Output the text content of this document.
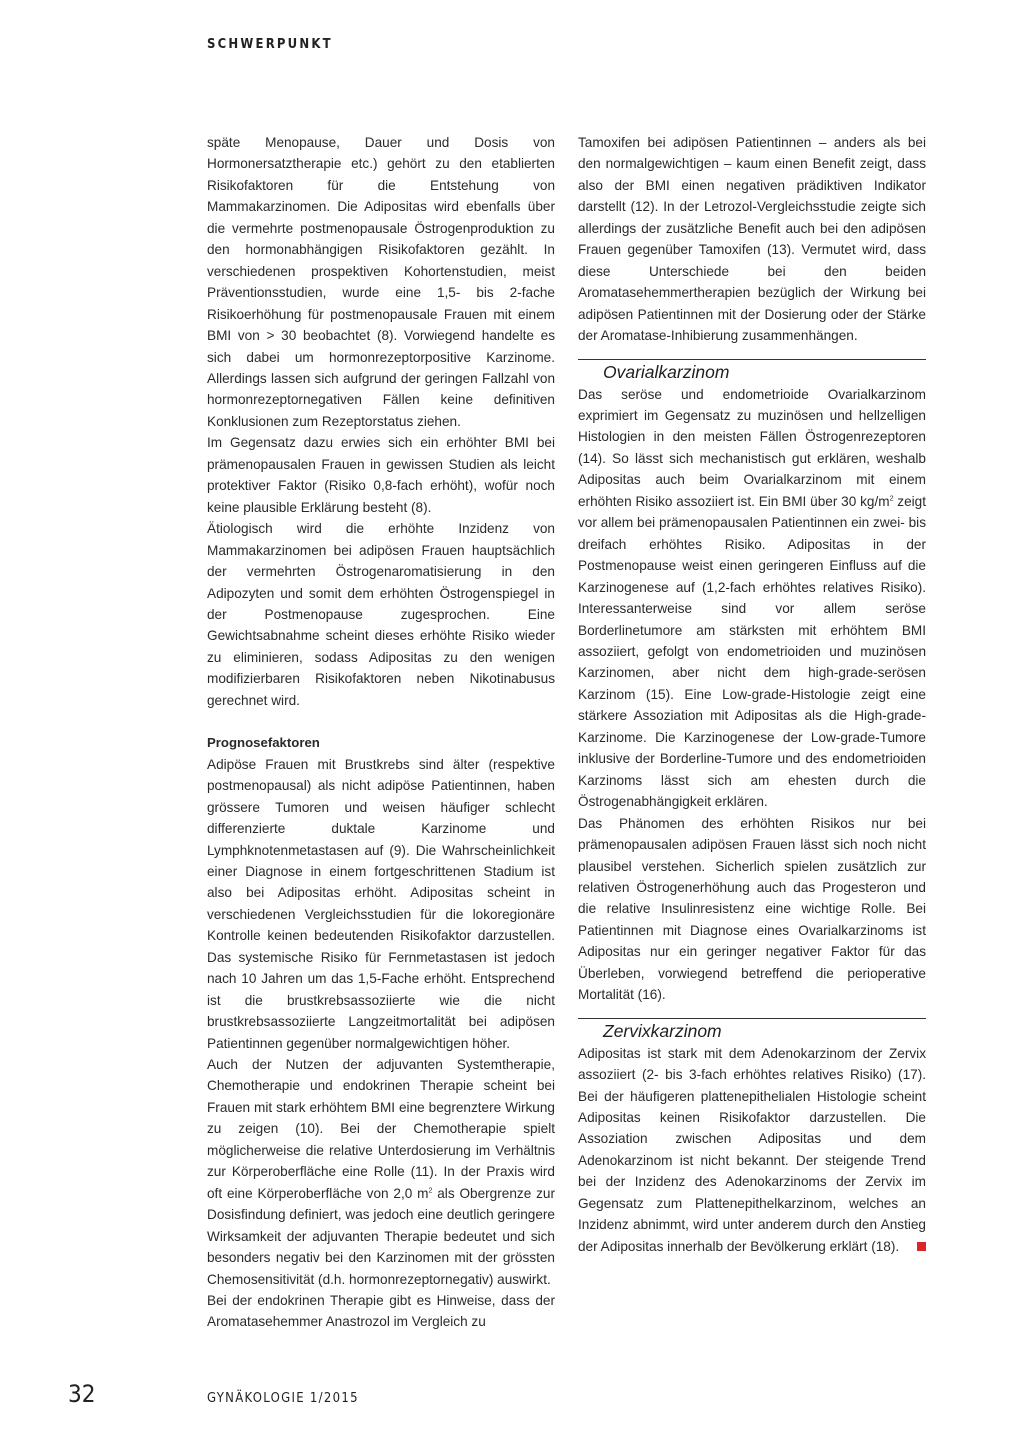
SCHWERPUNKT

späte Menopause, Dauer und Dosis von Hormonersatztherapie etc.) gehört zu den etablierten Risikofaktoren für die Entstehung von Mammakarzinomen. Die Adipositas wird ebenfalls über die vermehrte postmenopausale Östrogenproduktion zu den hormonabhängigen Risikofaktoren gezählt. In verschiedenen prospektiven Kohortenstudien, meist Präventionsstudien, wurde eine 1,5- bis 2-fache Risikoerhöhung für postmenopausale Frauen mit einem BMI von > 30 beobachtet (8). Vorwiegend handelte es sich dabei um hormonrezeptorpositive Karzinome. Allerdings lassen sich aufgrund der geringen Fallzahl von hormonrezeptornegativen Fällen keine definitiven Konklusionen zum Rezeptorstatus ziehen.

Im Gegensatz dazu erwies sich ein erhöhter BMI bei prämenopausalen Frauen in gewissen Studien als leicht protektiver Faktor (Risiko 0,8-fach erhöht), wofür noch keine plausible Erklärung besteht (8).

Ätiologisch wird die erhöhte Inzidenz von Mammakarzinomen bei adipösen Frauen hauptsächlich der vermehrten Östrogenaromatisierung in den Adipozyten und somit dem erhöhten Östrogenspiegel in der Postmenopause zugesprochen. Eine Gewichtsabnahme scheint dieses erhöhte Risiko wieder zu eliminieren, sodass Adipositas zu den wenigen modifizierbaren Risikofaktoren neben Nikotinabusus gerechnet wird.

Prognosefaktoren

Adipöse Frauen mit Brustkrebs sind älter (respektive postmenopausal) als nicht adipöse Patientinnen, haben grössere Tumoren und weisen häufiger schlecht differenzierte duktale Karzinome und Lymphknotenmetastasen auf (9). Die Wahrscheinlichkeit einer Diagnose in einem fortgeschrittenen Stadium ist also bei Adipositas erhöht. Adipositas scheint in verschiedenen Vergleichsstudien für die lokoregionäre Kontrolle keinen bedeutenden Risikofaktor darzustellen. Das systemische Risiko für Fernmetastasen ist jedoch nach 10 Jahren um das 1,5-Fache erhöht. Entsprechend ist die brustkrebsassoziierte wie die nicht brustkrebsassoziierte Langzeitmortalität bei adipösen Patientinnen gegenüber normalgewichtigen höher.

Auch der Nutzen der adjuvanten Systemtherapie, Chemotherapie und endokrinen Therapie scheint bei Frauen mit stark erhöhtem BMI eine begrenztere Wirkung zu zeigen (10). Bei der Chemotherapie spielt möglicherweise die relative Unterdosierung im Verhältnis zur Körperoberfläche eine Rolle (11). In der Praxis wird oft eine Körperoberfläche von 2,0 $m^2$ als Obergrenze zur Dosisfindung definiert, was jedoch eine deutlich geringere Wirksamkeit der adjuvanten Therapie bedeutet und sich besonders negativ bei den Karzinomen mit der grössten Chemosensitivität (d.h. hormonrezeptornegativ) auswirkt.

Bei der endokrinen Therapie gibt es Hinweise, dass der Aromatasehemmer Anastrozol im Vergleich zu

Tamoxifen bei adipösen Patientinnen – anders als bei den normalgewichtigen – kaum einen Benefit zeigt, dass also der BMI einen negativen prädiktiven Indikator darstellt (12). In der Letrozol-Vergleichsstudie zeigte sich allerdings der zusätzliche Benefit auch bei den adipösen Frauen gegenüber Tamoxifen (13). Vermutet wird, dass diese Unterschiede bei den beiden Aromatasehemmertherapien bezüglich der Wirkung bei adipösen Patientinnen mit der Dosierung oder der Stärke der Aromatase-Inhibierung zusammenhängen.

Ovarialkarzinom

Das seröse und endometrioide Ovarialkarzinom exprimiert im Gegensatz zu muzinösen und hellzelligen Histologien in den meisten Fällen Östrogenrezeptoren (14). So lässt sich mechanistisch gut erklären, weshalb Adipositas auch beim Ovarialkarzinom mit einem erhöhten Risiko assoziiert ist. Ein BMI über 30 $kg/m^2$ zeigt vor allem bei prämenopausalen Patientinnen ein zwei- bis dreifach erhöhtes Risiko. Adipositas in der Postmenopause weist einen geringeren Einfluss auf die Karzinogenese auf (1,2-fach erhöhtes relatives Risiko). Interessanterweise sind vor allem seröse Borderlinetumore am stärksten mit erhöhtem BMI assoziiert, gefolgt von endometrioiden und muzinösen Karzinomen, aber nicht dem high-grade-serösen Karzinom (15). Eine Low-grade-Histologie zeigt eine stärkere Assoziation mit Adipositas als die High-grade-Karzinome. Die Karzinogenese der Low-grade-Tumore inklusive der Borderline-Tumore und des endometrioiden Karzinoms lässt sich am ehesten durch die Östrogenabhängigkeit erklären.

Das Phänomen des erhöhten Risikos nur bei prämenopausalen adipösen Frauen lässt sich noch nicht plausibel verstehen. Sicherlich spielen zusätzlich zur relativen Östrogenerhöhung auch das Progesteron und die relative Insulinresistenz eine wichtige Rolle. Bei Patientinnen mit Diagnose eines Ovarialkarzinoms ist Adipositas nur ein geringer negativer Faktor für das Überleben, vorwiegend betreffend die perioperative Mortalität (16).

Zervixkarzinom

Adipositas ist stark mit dem Adenokarzinom der Zervix assoziiert (2- bis 3-fach erhöhtes relatives Risiko) (17). Bei der häufigeren plattenepithelialen Histologie scheint Adipositas keinen Risikofaktor darzustellen. Die Assoziation zwischen Adipositas und dem Adenokarzinom ist nicht bekannt. Der steigende Trend bei der Inzidenz des Adenokarzinoms der Zervix im Gegensatz zum Plattenepithelkarzinom, welches an Inzidenz abnimmt, wird unter anderem durch den Anstieg der Adipositas innerhalb der Bevölkerung erklärt (18).

32	GYNÄKOLOGIE 1/2015
